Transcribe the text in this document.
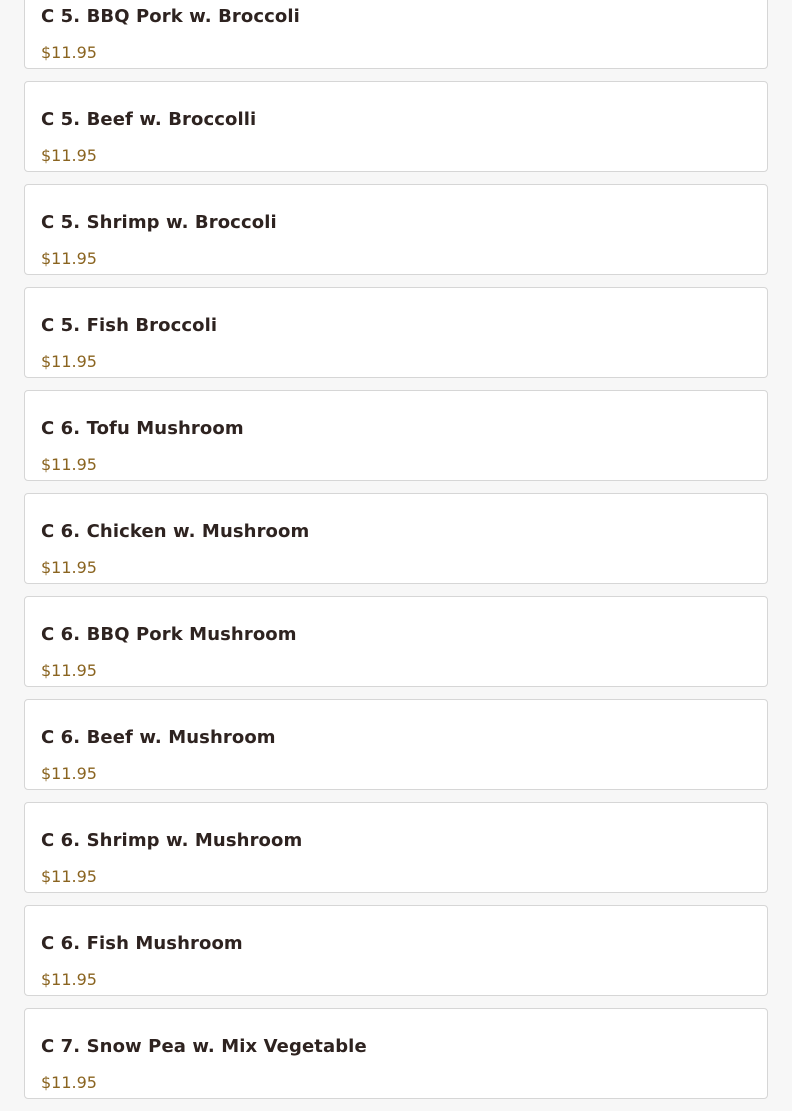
C 5. BBQ Pork w. Broccoli
$11.95
C 5. Beef w. Broccolli
$11.95
C 5. Shrimp w. Broccoli
$11.95
C 5. Fish Broccoli
$11.95
C 6. Tofu Mushroom
$11.95
C 6. Chicken w. Mushroom
$11.95
C 6. BBQ Pork Mushroom
$11.95
C 6. Beef w. Mushroom
$11.95
C 6. Shrimp w. Mushroom
$11.95
C 6. Fish Mushroom
$11.95
C 7. Snow Pea w. Mix Vegetable
$11.95
